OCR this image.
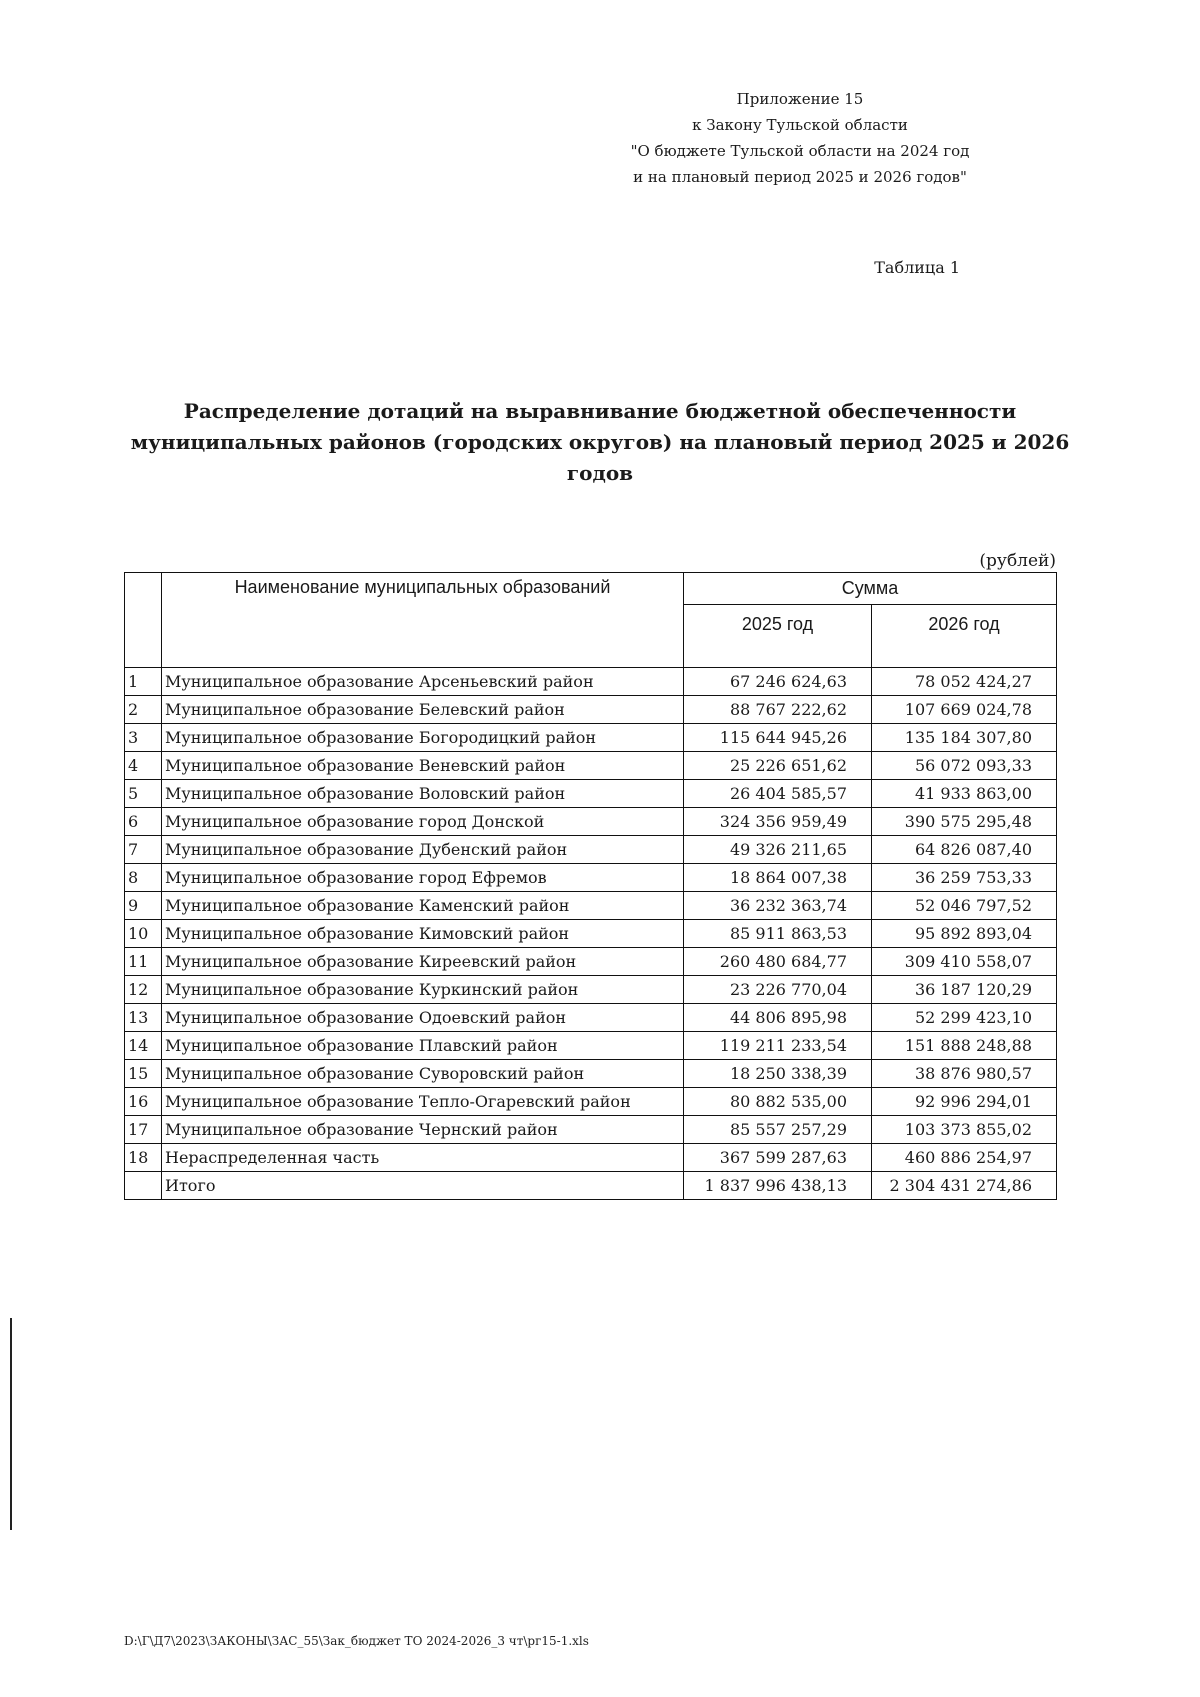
Приложение 15
к Закону Тульской области
"О бюджете Тульской области на 2024 год
и на плановый период 2025 и 2026 годов"
Таблица 1
Распределение дотаций на выравнивание бюджетной обеспеченности
муниципальных районов (городских округов) на плановый период 2025 и 2026 годов
(рублей)
	Наименование муниципальных образований	Сумма	
		2025 год	2026 год
1	Муниципальное образование Арсеньевский район	67 246 624,63	78 052 424,27
2	Муниципальное образование Белевский район	88 767 222,62	107 669 024,78
3	Муниципальное образование Богородицкий район	115 644 945,26	135 184 307,80
4	Муниципальное образование Веневский район	25 226 651,62	56 072 093,33
5	Муниципальное образование Воловский район	26 404 585,57	41 933 863,00
6	Муниципальное образование город Донской	324 356 959,49	390 575 295,48
7	Муниципальное образование Дубенский район	49 326 211,65	64 826 087,40
8	Муниципальное образование город Ефремов	18 864 007,38	36 259 753,33
9	Муниципальное образование Каменский район	36 232 363,74	52 046 797,52
10	Муниципальное образование Кимовский район	85 911 863,53	95 892 893,04
11	Муниципальное образование Киреевский район	260 480 684,77	309 410 558,07
12	Муниципальное образование Куркинский район	23 226 770,04	36 187 120,29
13	Муниципальное образование Одоевский район	44 806 895,98	52 299 423,10
14	Муниципальное образование Плавский район	119 211 233,54	151 888 248,88
15	Муниципальное образование Суворовский район	18 250 338,39	38 876 980,57
16	Муниципальное образование Тепло-Огаревский район	80 882 535,00	92 996 294,01
17	Муниципальное образование Чернский район	85 557 257,29	103 373 855,02
18	Нераспределенная часть	367 599 287,63	460 886 254,97
	Итого	1 837 996 438,13	2 304 431 274,86
D:\Г\Д7\2023\ЗАКОНЫ\ЗАС_55\Зак_бюджет ТО 2024-2026_3 чт\рг15-1.xls
